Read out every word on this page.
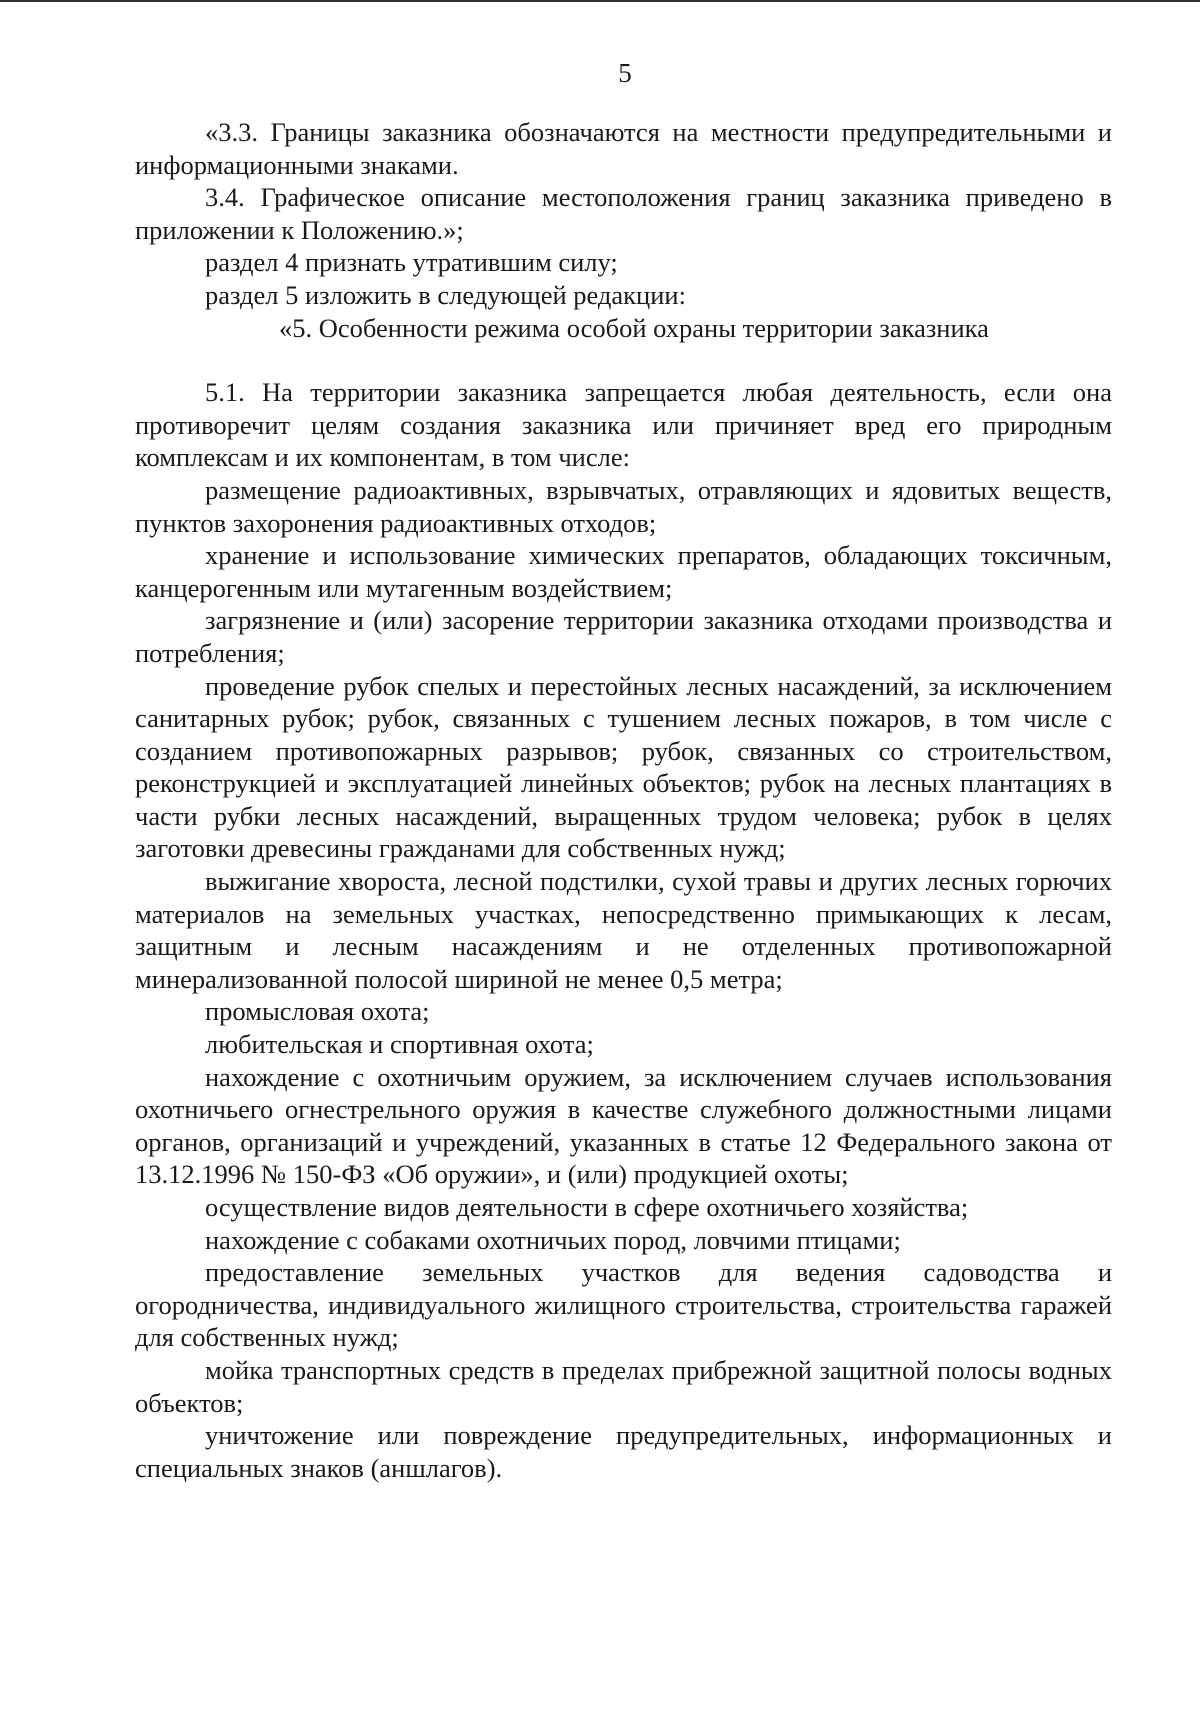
5

«3.3. Границы заказника обозначаются на местности предупредительными и информационными знаками.

3.4. Графическое описание местоположения границ заказника приведено в приложении к Положению.»;

раздел 4 признать утратившим силу;

раздел 5 изложить в следующей редакции:

«5. Особенности режима особой охраны территории заказника

5.1. На территории заказника запрещается любая деятельность, если она противоречит целям создания заказника или причиняет вред его природным комплексам и их компонентам, в том числе:

размещение радиоактивных, взрывчатых, отравляющих и ядовитых веществ, пунктов захоронения радиоактивных отходов;

хранение и использование химических препаратов, обладающих токсичным, канцерогенным или мутагенным воздействием;

загрязнение и (или) засорение территории заказника отходами производства и потребления;

проведение рубок спелых и перестойных лесных насаждений, за исключением санитарных рубок; рубок, связанных с тушением лесных пожаров, в том числе с созданием противопожарных разрывов; рубок, связанных со строительством, реконструкцией и эксплуатацией линейных объектов; рубок на лесных плантациях в части рубки лесных насаждений, выращенных трудом человека; рубок в целях заготовки древесины гражданами для собственных нужд;

выжигание хвороста, лесной подстилки, сухой травы и других лесных горючих материалов на земельных участках, непосредственно примыкающих к лесам, защитным и лесным насаждениям и не отделенных противопожарной минерализованной полосой шириной не менее 0,5 метра;

промысловая охота;

любительская и спортивная охота;

нахождение с охотничьим оружием, за исключением случаев использования охотничьего огнестрельного оружия в качестве служебного должностными лицами органов, организаций и учреждений, указанных в статье 12 Федерального закона от 13.12.1996 № 150-ФЗ «Об оружии», и (или) продукцией охоты;

осуществление видов деятельности в сфере охотничьего хозяйства;

нахождение с собаками охотничьих пород, ловчими птицами;

предоставление земельных участков для ведения садоводства и огородничества, индивидуального жилищного строительства, строительства гаражей для собственных нужд;

мойка транспортных средств в пределах прибрежной защитной полосы водных объектов;

уничтожение или повреждение предупредительных, информационных и специальных знаков (аншлагов).
